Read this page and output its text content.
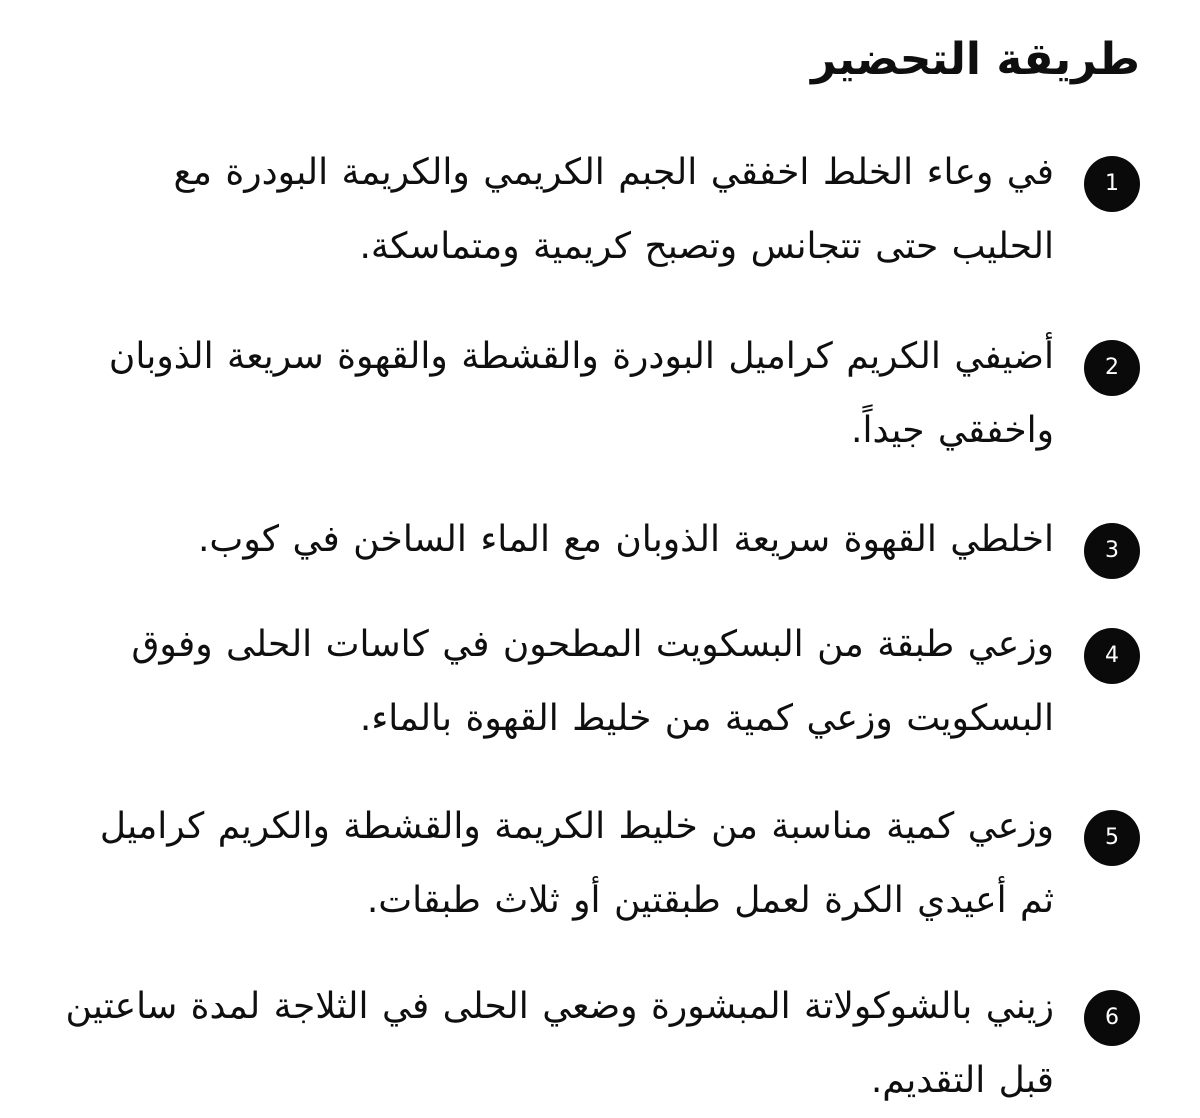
طريقة التحضير
1
في وعاء الخلط اخفقي الجبم الكريمي والكريمة البودرة مع الحليب حتى تتجانس وتصبح كريمية ومتماسكة.
2
أضيفي الكريم كراميل البودرة والقشطة والقهوة سريعة الذوبان واخفقي جيداً.
3
اخلطي القهوة سريعة الذوبان مع الماء الساخن في كوب.
4
وزعي طبقة من البسكويت المطحون في كاسات الحلى وفوق البسكويت وزعي كمية من خليط القهوة بالماء.
5
وزعي كمية مناسبة من خليط الكريمة والقشطة والكريم كراميل ثم أعيدي الكرة لعمل طبقتين أو ثلاث طبقات.
6
زيني بالشوكولاتة المبشورة وضعي الحلى في الثلاجة لمدة ساعتين قبل التقديم.
